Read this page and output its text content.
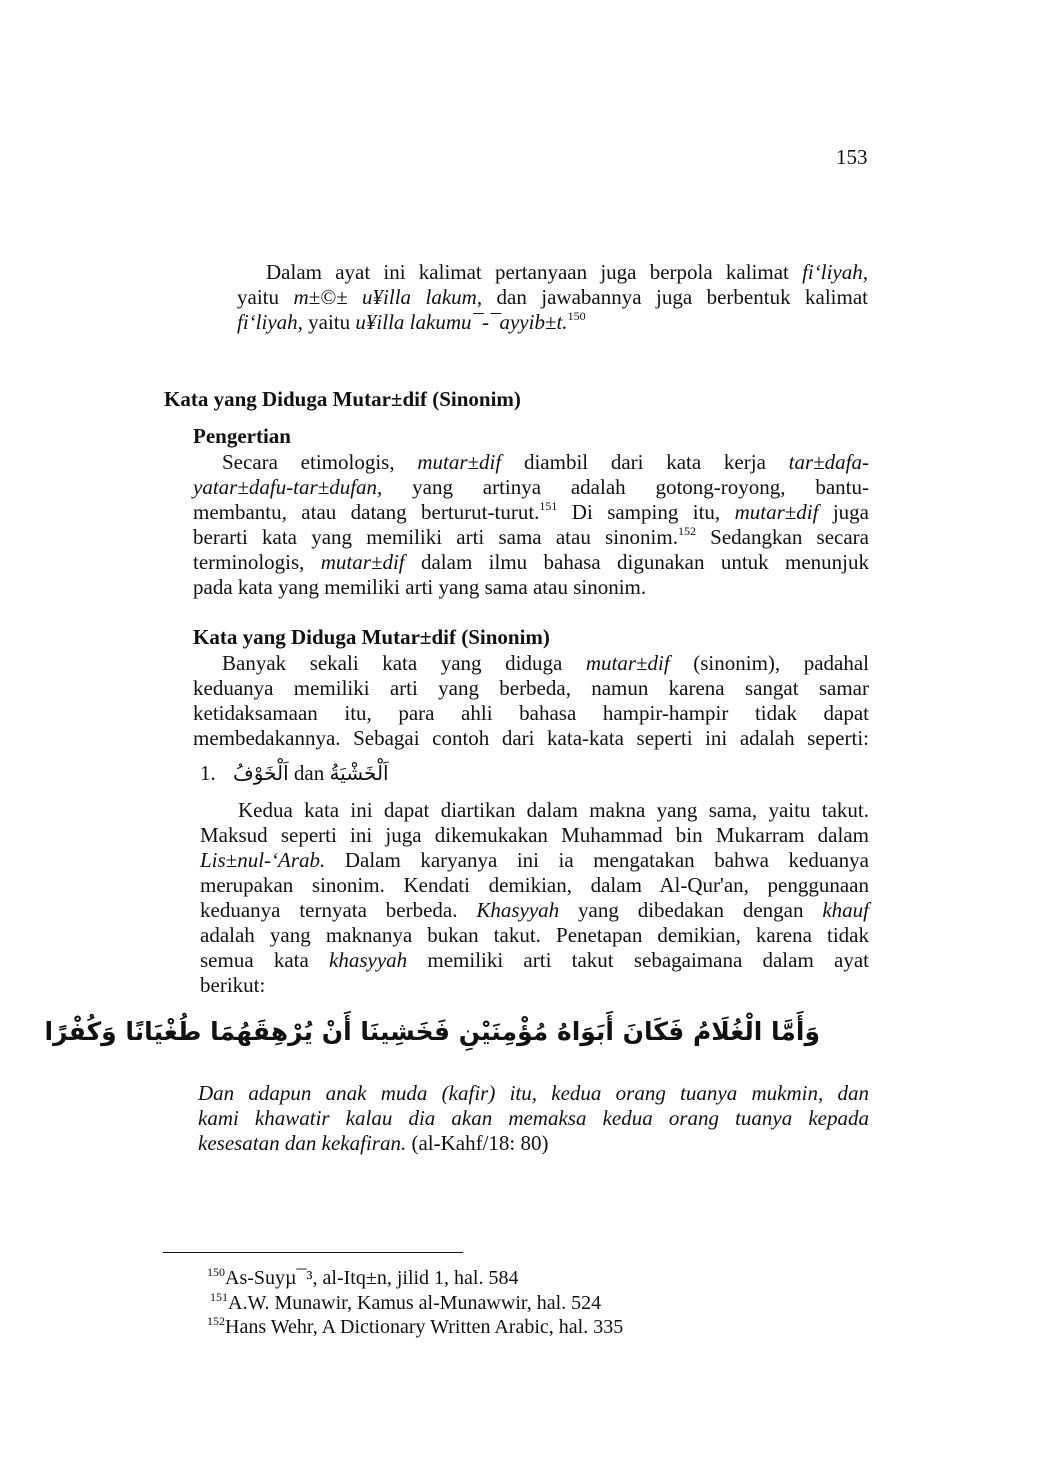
153
Dalam ayat ini kalimat pertanyaan juga berpola kalimat fi‘liyah,
yaitu m±©± u¥illa lakum, dan jawabannya juga berbentuk kalimat
fi‘liyah, yaitu u¥illa lakumu¯-¯ayyib±t.$^{150}$
Kata yang Diduga Mutar±dif (Sinonim)
Pengertian
Secara etimologis, mutar±dif diambil dari kata kerja tar±dafa-
yatar±dafu-tar±dufan, yang artinya adalah gotong-royong, bantu-
membantu, atau datang berturut-turut.$^{151}$ Di samping itu, mutar±dif juga
berarti kata yang memiliki arti sama atau sinonim.$^{152}$ Sedangkan secara
terminologis, mutar±dif dalam ilmu bahasa digunakan untuk menunjuk
pada kata yang memiliki arti yang sama atau sinonim.
Kata yang Diduga Mutar±dif (Sinonim)
Banyak sekali kata yang diduga mutar±dif (sinonim), padahal
keduanya memiliki arti yang berbeda, namun karena sangat samar
ketidaksamaan itu, para ahli bahasa hampir-hampir tidak dapat
membedakannya. Sebagai contoh dari kata-kata seperti ini adalah seperti:
1. اَلْخَوْفُ dan اَلْخَشْيَةُ
Kedua kata ini dapat diartikan dalam makna yang sama, yaitu takut.
Maksud seperti ini juga dikemukakan Muhammad bin Mukarram dalam
Lis±nul-‘Arab. Dalam karyanya ini ia mengatakan bahwa keduanya
merupakan sinonim. Kendati demikian, dalam Al-Qur'an, penggunaan
keduanya ternyata berbeda. Khasyyah yang dibedakan dengan khauf
adalah yang maknanya bukan takut. Penetapan demikian, karena tidak
semua kata khasyyah memiliki arti takut sebagaimana dalam ayat
berikut:
وَأَمَّا الْغُلَامُ فَكَانَ أَبَوَاهُ مُؤْمِنَيْنِ فَخَشِينَا أَنْ يُرْهِقَهُمَا طُغْيَانًا وَكُفْرًا
Dan adapun anak muda (kafir) itu, kedua orang tuanya mukmin, dan
kami khawatir kalau dia akan memaksa kedua orang tuanya kepada
kesesatan dan kekafiran. (al-Kahf/18: 80)
$^{150}$As-Suyµ¯³, al-Itq±n, jilid 1, hal. 584
$^{151}$A.W. Munawir, Kamus al-Munawwir, hal. 524
$^{152}$Hans Wehr, A Dictionary Written Arabic, hal. 335
